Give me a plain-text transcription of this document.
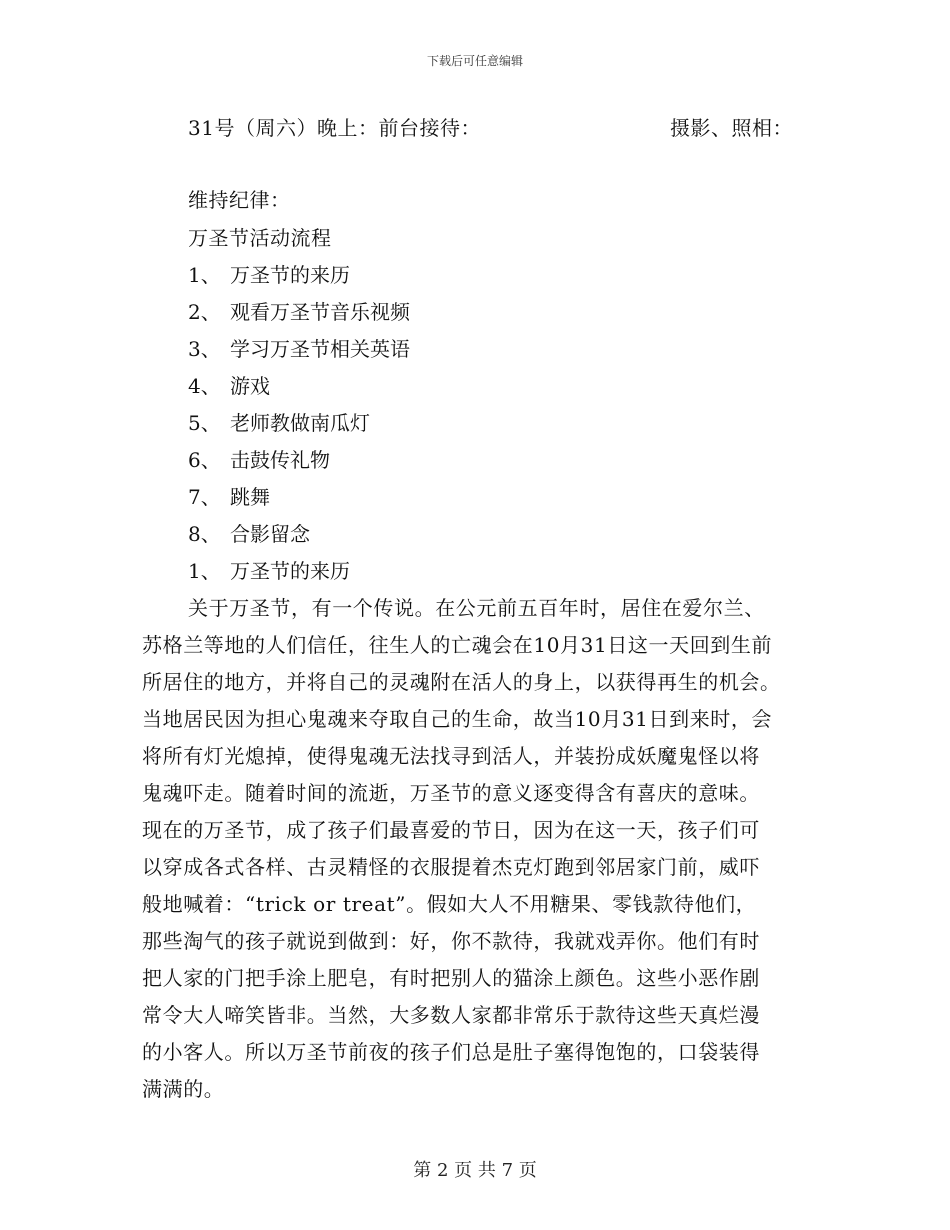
下载后可任意编辑
31号（周六）晚上：前台接待：	摄影、照相：
维持纪律：
万圣节活动流程
1、 万圣节的来历
2、 观看万圣节音乐视频
3、 学习万圣节相关英语
4、 游戏
5、 老师教做南瓜灯
6、 击鼓传礼物
7、 跳舞
8、 合影留念
1、 万圣节的来历
关于万圣节，有一个传说。在公元前五百年时，居住在爱尔兰、
苏格兰等地的人们信任，往生人的亡魂会在10月31日这一天回到生前
所居住的地方，并将自己的灵魂附在活人的身上，以获得再生的机会。
当地居民因为担心鬼魂来夺取自己的生命，故当10月31日到来时，会
将所有灯光熄掉，使得鬼魂无法找寻到活人，并装扮成妖魔鬼怪以将
鬼魂吓走。随着时间的流逝，万圣节的意义逐变得含有喜庆的意味。
现在的万圣节，成了孩子们最喜爱的节日，因为在这一天，孩子们可
以穿成各式各样、古灵精怪的衣服提着杰克灯跑到邻居家门前，威吓
般地喊着：“trick or treat”。假如大人不用糖果、零钱款待他们，
那些淘气的孩子就说到做到：好，你不款待，我就戏弄你。他们有时
把人家的门把手涂上肥皂，有时把别人的猫涂上颜色。这些小恶作剧
常令大人啼笑皆非。当然，大多数人家都非常乐于款待这些天真烂漫
的小客人。所以万圣节前夜的孩子们总是肚子塞得饱饱的，口袋装得
满满的。
第 2 页 共 7 页
